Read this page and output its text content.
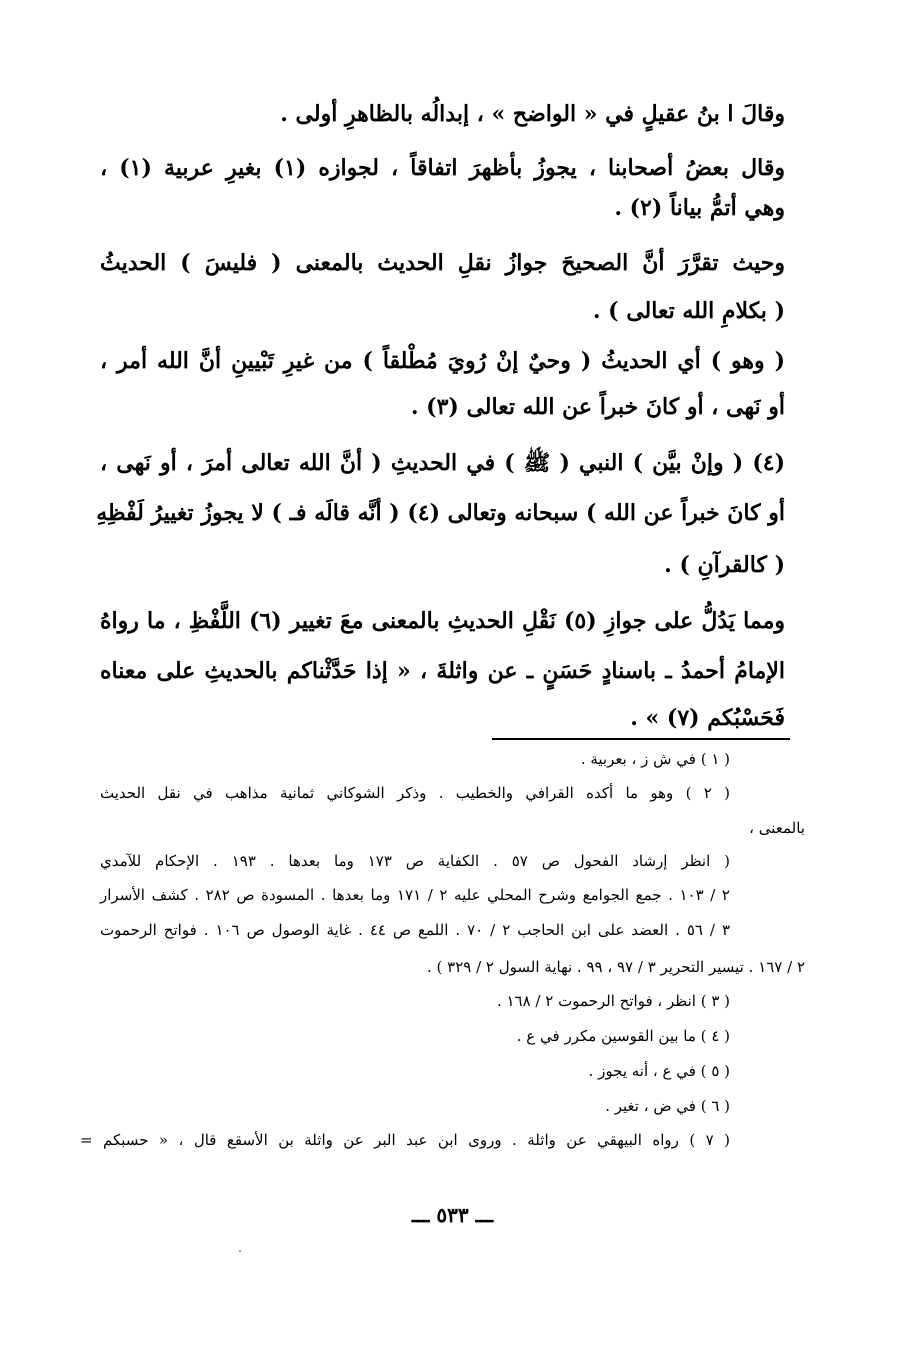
وقالَ ا بنُ عقيلٍ في « الواضح » ، إبدالُه بالظاهرِ أولى .
وقال بعضُ أصحابنا ، يجوزُ بأظهرَ اتفاقاً ، لجوازه (١) بغيرِ عربية (١) ،
وهي أتمُّ بياناً (٢) .
وحيث تقرَّرَ أنَّ الصحيحَ جوازُ نقلِ الحديث بالمعنى ( فليسَ ) الحديثُ
( بكلامِ الله تعالى ) .
( وهو ) أي الحديثُ ( وحيٌ إنْ رُويَ مُطْلقاً ) من غيرِ تَبْيينِ أنَّ الله أمر ،
أو نَهى ، أو كانَ خبراً عن الله تعالى (٣) .
(٤) ( وإنْ بيَّن ) النبي ( ﷺ ) في الحديثِ ( أنَّ الله تعالى أمرَ ، أو نَهى ،
أو كانَ خبراً عن الله ) سبحانه وتعالى (٤) ( أنَّه قالَه فـ ) لا يجوزُ تغييرُ لَفْظِهِ
( كالقرآنِ ) .
ومما يَدُلُّ على جوازِ (٥) نَقْلِ الحديثِ بالمعنى معَ تغيير (٦) اللَّفْظِ ، ما رواهُ
الإمامُ أحمدُ ـ باسنادٍ حَسَنٍ ـ عن واثلةَ ، « إذا حَدَّثْناكم بالحديثِ على معناه
فَحَسْبُكم (٧) » .
( ١ ) في ش ز ، بعربية .
( ٢ ) وهو ما أكده القرافي والخطيب . وذكر الشوكاني ثمانية مذاهب في نقل الحديث
بالمعنى ،
( انظر إرشاد الفحول ص ٥٧ . الكفاية ص ١٧٣ وما بعدها . ١٩٣ . الإحكام للآمدي
٢ / ١٠٣ . جمع الجوامع وشرح المحلي عليه ٢ / ١٧١ وما بعدها . المسودة ص ٢٨٢ . كشف الأسرار
٣ / ٥٦ . العضد على ابن الحاجب ٢ / ٧٠ . اللمع ص ٤٤ . غاية الوصول ص ١٠٦ . فواتح الرحموت
٢ / ١٦٧ . تيسير التحرير ٣ / ٩٧ ، ٩٩ . نهاية السول ٢ / ٣٢٩ ) .
( ٣ ) انظر ، فواتح الرحموت ٢ / ١٦٨ .
( ٤ ) ما بين القوسين مكرر في ع .
( ٥ ) في ع ، أنه يجوز .
( ٦ ) في ض ، تغير .
( ٧ ) رواه البيهقي عن واثلة . وروى ابن عبد البر عن واثلة بن الأسقع قال ، « حسبكم =
ـــ ٥٣٣ ـــ
